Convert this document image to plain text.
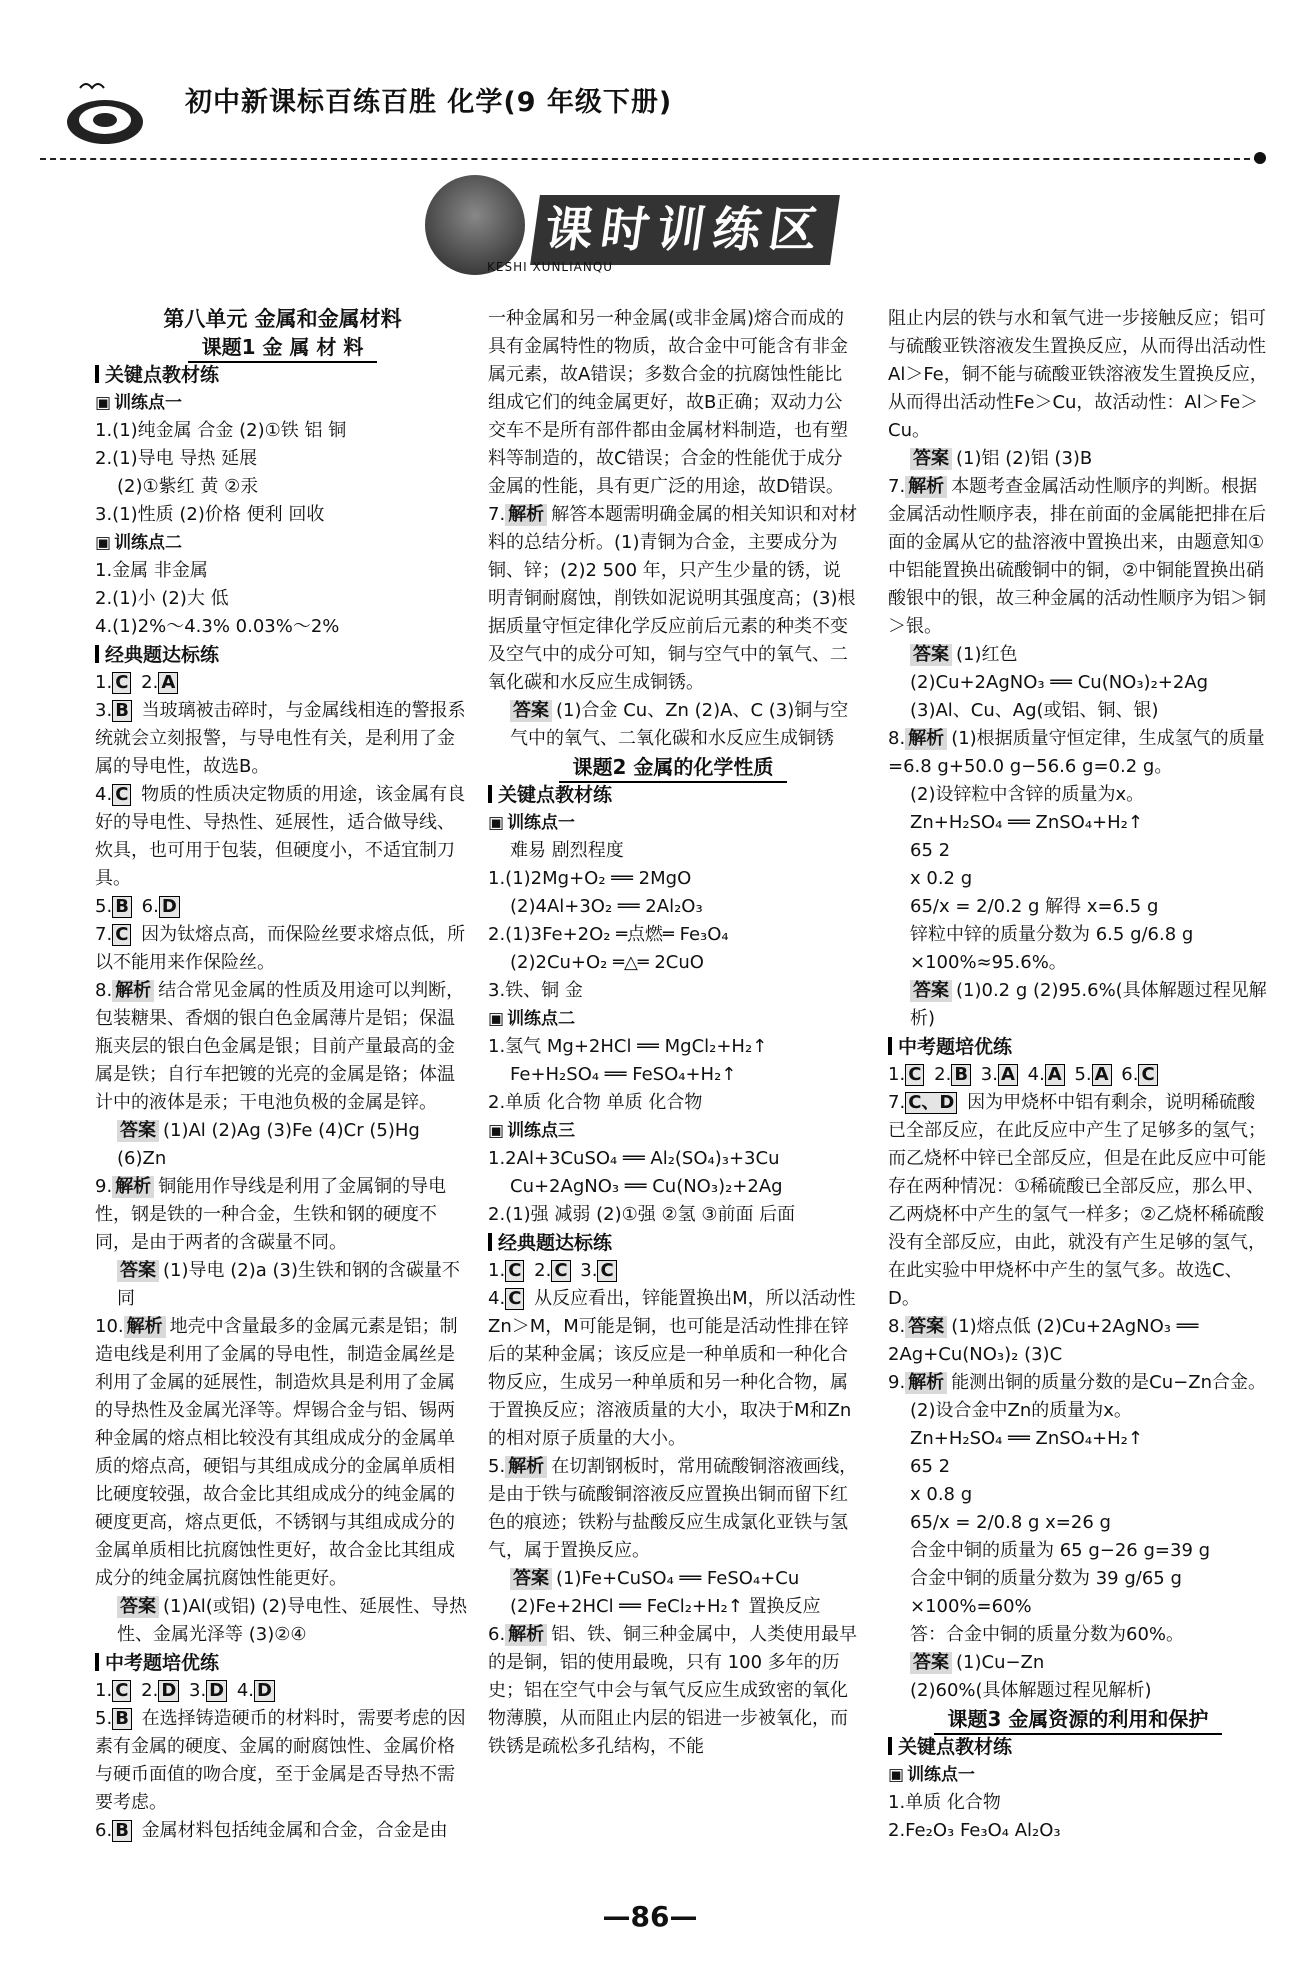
初中新课标百练百胜 化学(9 年级下册)
课时训练区
KESHI XUNLIANQU

第八单元 金属和金属材料

课题1 金 属 材 料

关键点教材练

▣ 训练点一

1.(1)纯金属 合金 (2)①铁 铝 铜

2.(1)导电 导热 延展

(2)①紫红 黄 ②汞

3.(1)性质 (2)价格 便利 回收

▣ 训练点二

1.金属 非金属

2.(1)小 (2)大 低

4.(1)2%～4.3% 0.03%～2%

经典题达标练

1. C 2. A

3. B 当玻璃被击碎时，与金属线相连的警报系统就会立刻报警，与导电性有关，是利用了金属的导电性，故选B。

4. C 物质的性质决定物质的用途，该金属有良好的导电性、导热性、延展性，适合做导线、炊具，也可用于包装，但硬度小，不适宜制刀具。

5. B 6. D

7. C 因为钛熔点高，而保险丝要求熔点低，所以不能用来作保险丝。

8. 解析 结合常见金属的性质及用途可以判断，包装糖果、香烟的银白色金属薄片是铝；保温瓶夹层的银白色金属是银；目前产量最高的金属是铁；自行车把镀的光亮的金属是铬；体温计中的液体是汞；干电池负极的金属是锌。

答案 (1)Al (2)Ag (3)Fe (4)Cr (5)Hg (6)Zn

9. 解析 铜能用作导线是利用了金属铜的导电性，钢是铁的一种合金，生铁和钢的硬度不同，是由于两者的含碳量不同。

答案 (1)导电 (2)a (3)生铁和钢的含碳量不同

10. 解析 地壳中含量最多的金属元素是铝；制造电线是利用了金属的导电性，制造金属丝是利用了金属的延展性，制造炊具是利用了金属的导热性及金属光泽等。焊锡合金与铝、锡两种金属的熔点相比较没有其组成成分的金属单质的熔点高，硬铝与其组成成分的金属单质相比硬度较强，故合金比其组成成分的纯金属的硬度更高，熔点更低，不锈钢与其组成成分的金属单质相比抗腐蚀性更好，故合金比其组成成分的纯金属抗腐蚀性能更好。

答案 (1)Al(或铝) (2)导电性、延展性、导热性、金属光泽等 (3)②④

中考题培优练

1. C 2. D 3. D 4. D

5. B 在选择铸造硬币的材料时，需要考虑的因素有金属的硬度、金属的耐腐蚀性、金属价格与硬币面值的吻合度，至于金属是否导热不需要考虑。

6. B 金属材料包括纯金属和合金，合金是由

一种金属和另一种金属(或非金属)熔合而成的具有金属特性的物质，故合金中可能含有非金属元素，故A错误；多数合金的抗腐蚀性能比组成它们的纯金属更好，故B正确；双动力公交车不是所有部件都由金属材料制造，也有塑料等制造的，故C错误；合金的性能优于成分金属的性能，具有更广泛的用途，故D错误。

7. 解析 解答本题需明确金属的相关知识和对材料的总结分析。(1)青铜为合金，主要成分为铜、锌；(2)2 500 年，只产生少量的锈，说明青铜耐腐蚀，削铁如泥说明其强度高；(3)根据质量守恒定律化学反应前后元素的种类不变及空气中的成分可知，铜与空气中的氧气、二氧化碳和水反应生成铜锈。

答案 (1)合金 Cu、Zn (2)A、C (3)铜与空气中的氧气、二氧化碳和水反应生成铜锈

课题2 金属的化学性质

关键点教材练

▣ 训练点一

难易 剧烈程度

1.(1)2Mg+O₂ ══ 2MgO

(2)4Al+3O₂ ══ 2Al₂O₃

2.(1)3Fe+2O₂ ═点燃═ Fe₃O₄

(2)2Cu+O₂ ═△═ 2CuO

3.铁、铜 金

▣ 训练点二

1.氢气 Mg+2HCl ══ MgCl₂+H₂↑

Fe+H₂SO₄ ══ FeSO₄+H₂↑

2.单质 化合物 单质 化合物

▣ 训练点三

1.2Al+3CuSO₄ ══ Al₂(SO₄)₃+3Cu

Cu+2AgNO₃ ══ Cu(NO₃)₂+2Ag

2.(1)强 减弱 (2)①强 ②氢 ③前面 后面

经典题达标练

1. C 2. C 3. C

4. C 从反应看出，锌能置换出M，所以活动性Zn＞M，M可能是铜，也可能是活动性排在锌后的某种金属；该反应是一种单质和一种化合物反应，生成另一种单质和另一种化合物，属于置换反应；溶液质量的大小，取决于M和Zn的相对原子质量的大小。

5. 解析 在切割钢板时，常用硫酸铜溶液画线，是由于铁与硫酸铜溶液反应置换出铜而留下红色的痕迹；铁粉与盐酸反应生成氯化亚铁与氢气，属于置换反应。

答案 (1)Fe+CuSO₄ ══ FeSO₄+Cu

(2)Fe+2HCl ══ FeCl₂+H₂↑ 置换反应

6. 解析 铝、铁、铜三种金属中，人类使用最早的是铜，铝的使用最晚，只有 100 多年的历史；铝在空气中会与氧气反应生成致密的氧化物薄膜，从而阻止内层的铝进一步被氧化，而铁锈是疏松多孔结构，不能

阻止内层的铁与水和氧气进一步接触反应；铝可与硫酸亚铁溶液发生置换反应，从而得出活动性Al＞Fe，铜不能与硫酸亚铁溶液发生置换反应，从而得出活动性Fe＞Cu，故活动性：Al＞Fe＞Cu。

答案 (1)铝 (2)铝 (3)B

7. 解析 本题考查金属活动性顺序的判断。根据金属活动性顺序表，排在前面的金属能把排在后面的金属从它的盐溶液中置换出来，由题意知①中铝能置换出硫酸铜中的铜，②中铜能置换出硝酸银中的银，故三种金属的活动性顺序为铝＞铜＞银。

答案 (1)红色

(2)Cu+2AgNO₃ ══ Cu(NO₃)₂+2Ag

(3)Al、Cu、Ag(或铝、铜、银)

8. 解析 (1)根据质量守恒定律，生成氢气的质量=6.8 g+50.0 g−56.6 g=0.2 g。

(2)设锌粒中含锌的质量为x。

Zn+H₂SO₄ ══ ZnSO₄+H₂↑

65 2

x 0.2 g

65/x = 2/0.2 g 解得 x=6.5 g

锌粒中锌的质量分数为 6.5 g/6.8 g ×100%≈95.6%。

答案 (1)0.2 g (2)95.6%(具体解题过程见解析)

中考题培优练

1. C 2. B 3. A 4. A 5. A 6. C

7. C、D 因为甲烧杯中铝有剩余，说明稀硫酸已全部反应，在此反应中产生了足够多的氢气；而乙烧杯中锌已全部反应，但是在此反应中可能存在两种情况：①稀硫酸已全部反应，那么甲、乙两烧杯中产生的氢气一样多；②乙烧杯稀硫酸没有全部反应，由此，就没有产生足够的氢气，在此实验中甲烧杯中产生的氢气多。故选C、D。

8. 答案 (1)熔点低 (2)Cu+2AgNO₃ ══ 2Ag+Cu(NO₃)₂ (3)C

9. 解析 能测出铜的质量分数的是Cu−Zn合金。

(2)设合金中Zn的质量为x。

Zn+H₂SO₄ ══ ZnSO₄+H₂↑

65 2

x 0.8 g

65/x = 2/0.8 g x=26 g

合金中铜的质量为 65 g−26 g=39 g

合金中铜的质量分数为 39 g/65 g ×100%=60%

答：合金中铜的质量分数为60%。

答案 (1)Cu−Zn

(2)60%(具体解题过程见解析)

课题3 金属资源的利用和保护

关键点教材练

▣ 训练点一

1.单质 化合物

2.Fe₂O₃ Fe₃O₄ Al₂O₃

—86—
